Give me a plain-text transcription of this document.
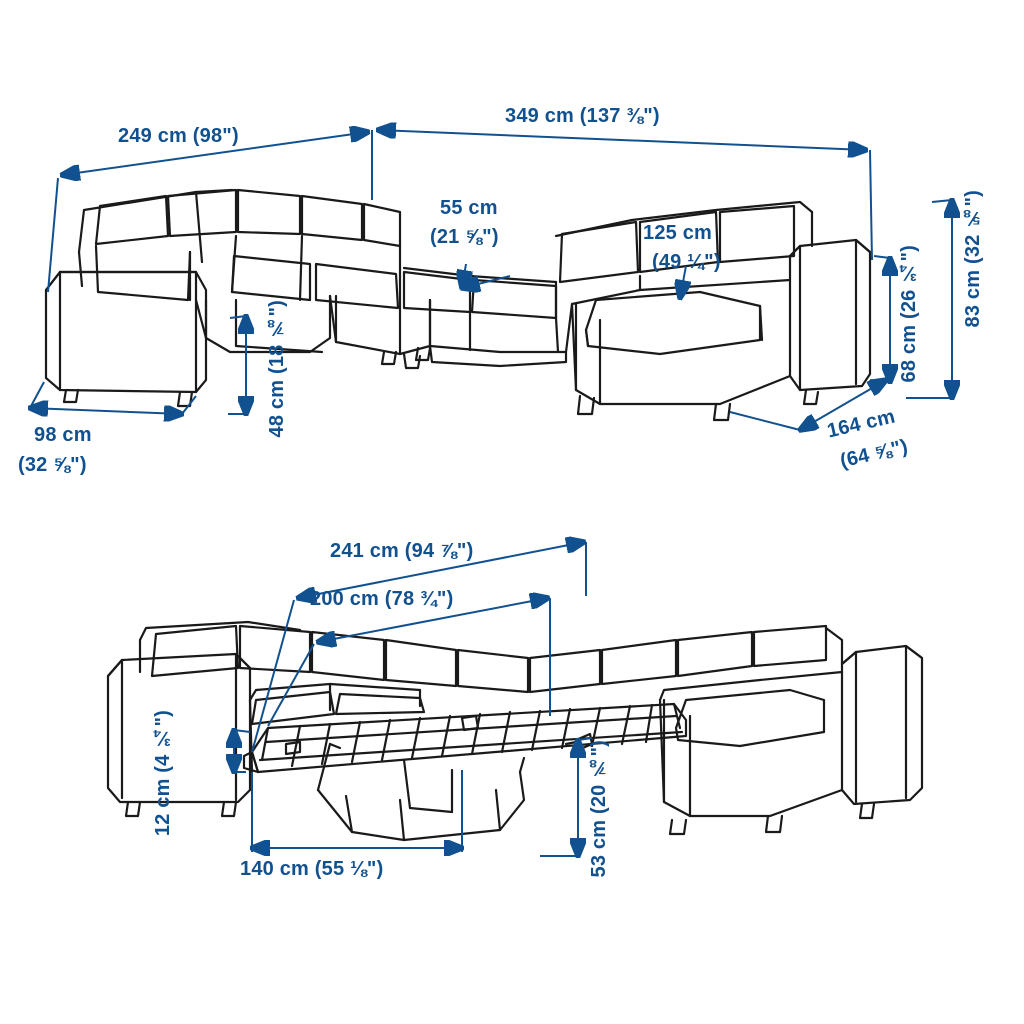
249 cm (98")
349 cm (137 ⅜")
55 cm
(21 ⅝")	125 cm
(49 ¼")
48 cm (18 ⅞")	68 cm (26 ¾") 83 cm (32 ⅝")
164 cm
(64 ⅝")
98 cm
(32 ⅝")
241 cm (94 ⅞")
200 cm (78 ¾")
12 cm (4 ¾")
140 cm (55 ⅛")	53 cm (20 ⅞")
